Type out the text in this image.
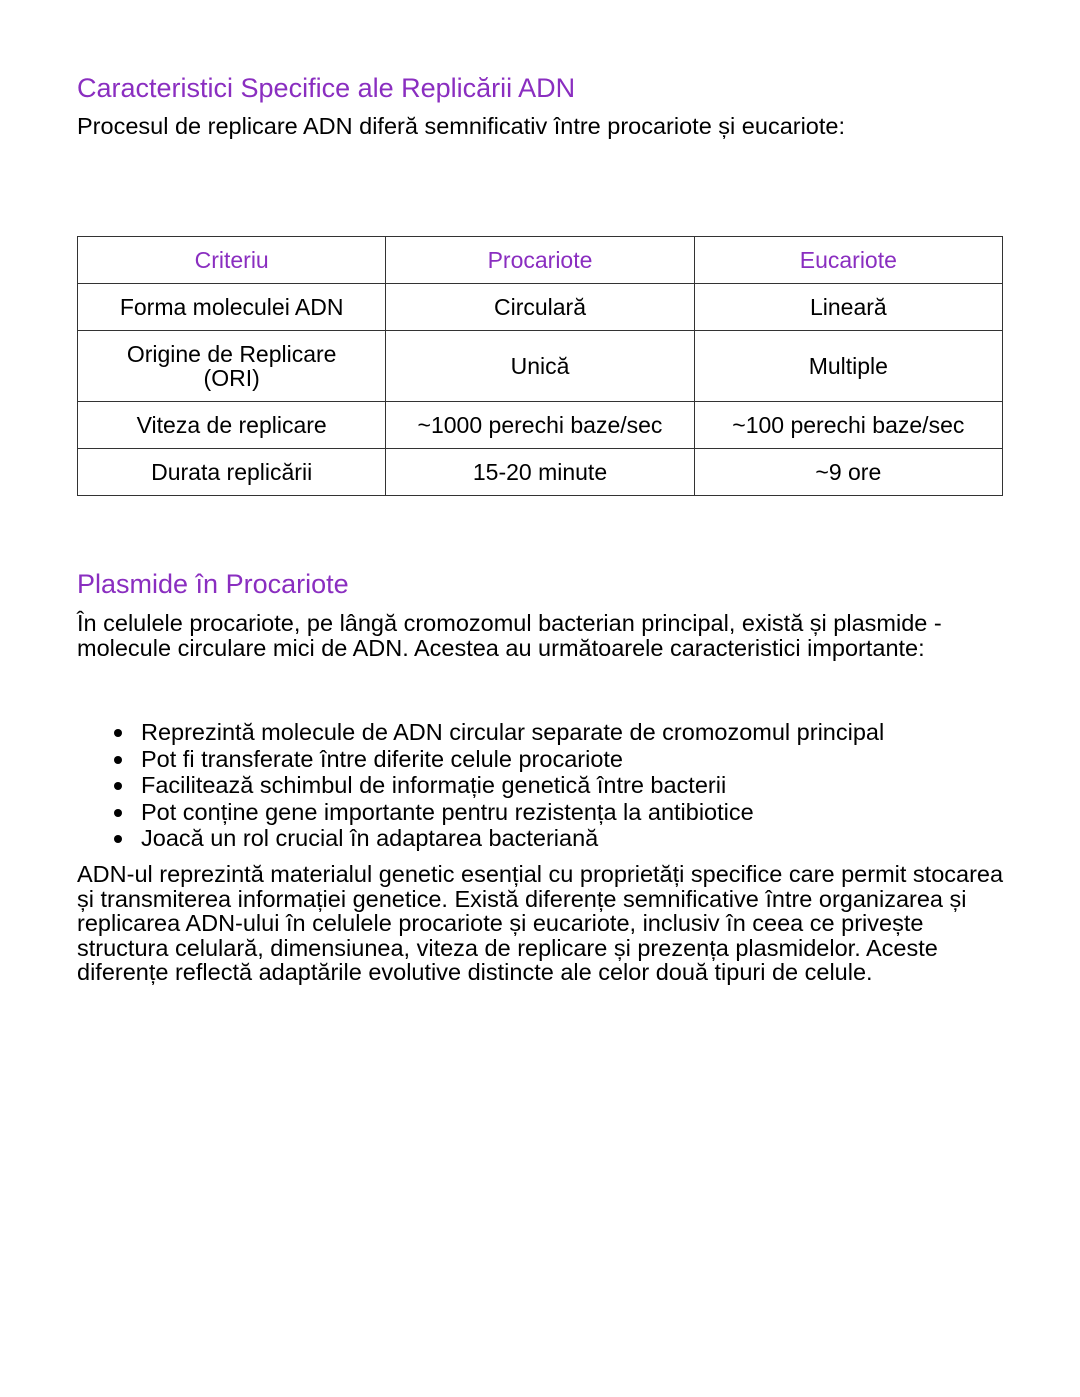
Caracteristici Specifice ale Replicării ADN

Procesul de replicare ADN diferă semnificativ între procariote și eucariote:

Criteriu	Procariote	Eucariote
Forma moleculei ADN	Circulară	Lineară

Origine de Replicare (ORI)	Unică	Multiple
Viteza de replicare	~1000 perechi baze/sec	~100 perechi baze/sec
Durata replicării	15-20 minute	~9 ore
Plasmide în Procariote

În celulele procariote, pe lângă cromozomul bacterian principal, există și plasmide - molecule circulare mici de ADN. Acestea au următoarele caracteristici importante:

Reprezintă molecule de ADN circular separate de cromozomul principal
Pot fi transferate între diferite celule procariote
Facilitează schimbul de informație genetică între bacterii
Pot conține gene importante pentru rezistența la antibiotice
Joacă un rol crucial în adaptarea bacteriană

ADN-ul reprezintă materialul genetic esențial cu proprietăți specifice care permit stocarea și transmiterea informației genetice. Există diferențe semnificative între organizarea și replicarea ADN-ului în celulele procariote și eucariote, inclusiv în ceea ce privește structura celulară, dimensiunea, viteza de replicare și prezența plasmidelor. Aceste diferențe reflectă adaptările evolutive distincte ale celor două tipuri de celule.
